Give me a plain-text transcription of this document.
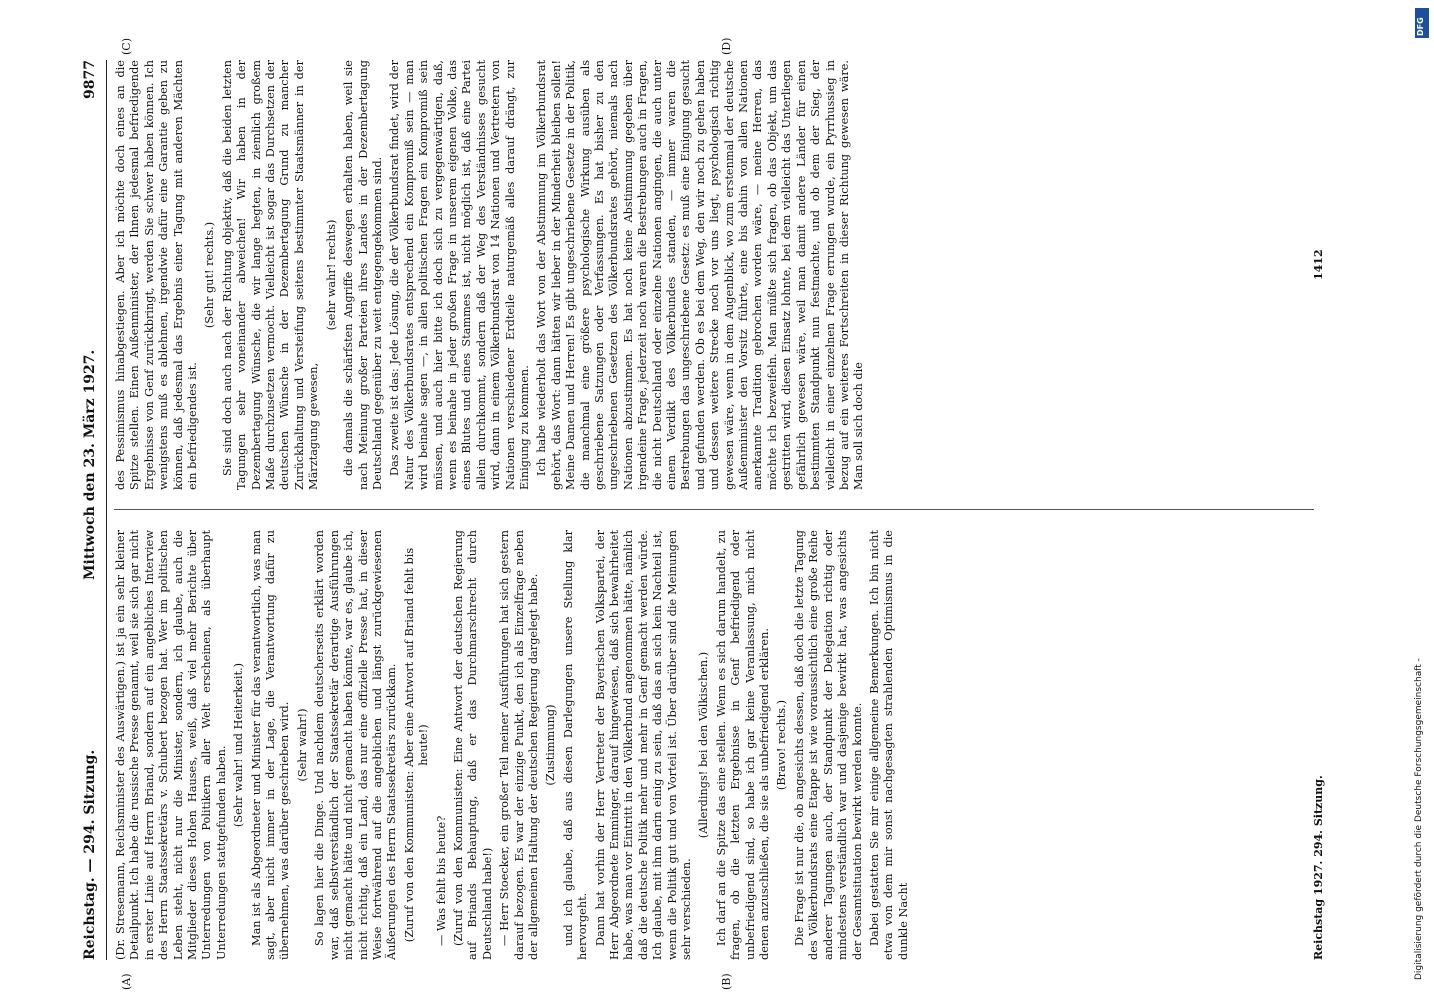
Reichstag. — 294. Sitzung.
Mittwoch den 23. März 1927.
9877

(Dr. Stresemann, Reichsminister des Auswärtigen.) ist ja ein sehr kleiner Detailpunkt. Ich habe die russische Presse genannt, weil sie sich gar nicht in erster Linie auf Herrn Briand, sondern auf ein angebliches Interview des Herrn Staatssekretärs v. Schubert bezogen hat. Wer im politischen Leben steht, nicht nur die Minister, sondern, ich glaube, auch die Mitglieder dieses Hohen Hauses, weiß, daß viel mehr Berichte über Unterredungen von Politikern aller Welt erscheinen, als überhaupt Unterredungen stattgefunden haben.

(Sehr wahr! und Heiterkeit.) Man ist als Abgeordneter und Minister für das verantwortlich, was man sagt, aber nicht immer in der Lage, die Verantwortung dafür zu übernehmen, was darüber geschrieben wird. (Sehr wahr!) So lagen hier die Dinge. Und nachdem deutscherseits erklärt worden war, daß selbstverständlich der Staatssekretär derartige Ausführungen nicht gemacht hätte und nicht gemacht haben könnte, war es, glaube ich, nicht richtig, daß ein Land, das nur eine offizielle Presse hat, in dieser Weise fortwährend auf die angeblichen und längst zurückgewiesenen Äußerungen des Herrn Staatssekretärs zurückkam. (Zuruf von den Kommunisten: Aber eine Antwort auf Briand fehlt bis heute!)

— Was fehlt bis heute? (Zuruf von den Kommunisten: Eine Antwort der deutschen Regierung auf Briands Behauptung, daß er das Durchmarschrecht durch Deutschland habe!) — Herr Stoecker, ein großer Teil meiner Ausführungen hat sich gestern darauf bezogen. Es war der einzige Punkt, den ich als Einzelfrage neben der allgemeinen Haltung der deutschen Regierung dargelegt habe. (Zustimmung) und ich glaube, daß aus diesen Darlegungen unsere Stellung klar hervorgeht. Dann hat vorhin der Herr Vertreter der Bayerischen Volkspartei, der Herr Abgeordnete Emminger, darauf hingewiesen, daß sich bewahrheitet habe, was man vor Eintritt in den Völkerbund angenommen hätte, nämlich daß die deutsche Politik mehr und mehr in Genf gemacht werden würde. Ich glaube, mit ihm darin einig zu sein, daß das an sich kein Nachteil ist, wenn die Politik gut und von Vorteil ist. Über darüber sind die Meinungen sehr verschieden.

(Allerdings! bei den Völkischen.) Ich darf an die Spitze das eine stellen. Wenn es sich darum handelt, zu fragen, ob die letzten Ergebnisse in Genf befriedigend oder unbefriedigend sind, so habe ich gar keine Veranlassung, mich nicht denen anzuschließen, die sie als unbefriedigend erklären. (Bravo! rechts.) Die Frage ist nur die, ob angesichts dessen, daß doch die letzte Tagung des Völkerbundsrats eine Etappe ist wie voraussichtlich eine große Reihe anderer Tagungen auch, der Standpunkt der Delegation richtig oder mindestens verständlich war und dasjenige bewirkt hat, was angesichts der Gesamtsituation bewirkt werden konnte. Dabei gestatten Sie mir einige allgemeine Bemerkungen. Ich bin nicht etwa von dem mir sonst nachgesagten strahlenden Optimismus in die dunkle Nacht

des Pessimismus hinabgestiegen. Aber ich möchte doch eines an die Spitze stellen. Einen Außenminister, der Ihnen jedesmal befriedigende Ergebnisse von Genf zurückbringt, werden Sie schwer haben können. Ich wenigstens muß es ablehnen, irgendwie dafür eine Garantie geben zu können, daß jedesmal das Ergebnis einer Tagung mit anderen Mächten ein befriedigendes ist.

(Sehr gut! rechts.) Sie sind doch auch nach der Richtung objektiv, daß die beiden letzten Tagungen sehr voneinander abweichen! Wir haben in der Dezembertagung Wünsche, die wir lange hegten, in ziemlich großem Maße durchzusetzen vermocht. Vielleicht ist sogar das Durchsetzen der deutschen Wünsche in der Dezembertagung Grund zu mancher Zurückhaltung und Versteifung seitens bestimmter Staatsmänner in der Märztagung gewesen,

(sehr wahr! rechts) die damals die schärfsten Angriffe deswegen erhalten haben, weil sie nach Meinung großer Parteien ihres Landes in der Dezembertagung Deutschland gegenüber zu weit entgegengekommen sind. Das zweite ist das: Jede Lösung, die der Völkerbundsrat findet, wird der Natur des Völkerbundsrates entsprechend ein Kompromiß sein — man wird beinahe sagen —, in allen politischen Fragen ein Kompromiß sein müssen, und auch hier bitte ich doch sich zu vergegenwärtigen, daß, wenn es beinahe in jeder großen Frage in unserem eigenen Volke, das eines Blutes und eines Stammes ist, nicht möglich ist, daß eine Partei allein durchkommt, sondern daß der Weg des Verständnisses gesucht wird, dann in einem Völkerbundsrat von 14 Nationen und Vertretern von Nationen verschiedener Erdteile naturgemäß alles darauf drängt, zur Einigung zu kommen. Ich habe wiederholt das Wort von der Abstimmung im Völkerbundsrat gehört, das Wort: dann hätten wir lieber in der Minderheit bleiben sollen! Meine Damen und Herren! Es gibt ungeschriebene Gesetze in der Politik, die manchmal eine größere psychologische Wirkung ausüben als geschriebene Satzungen oder Verfassungen. Es hat bisher zu den ungeschriebenen Gesetzen des Völkerbundsrates gehört, niemals nach Nationen abzustimmen. Es hat noch keine Abstimmung gegeben über irgendeine Frage, jederzeit noch waren die Bestrebungen auch in Fragen, die nicht Deutschland oder einzelne Nationen angingen, die auch unter einem Verdikt des Völkerbundes standen, — immer waren die Bestrebungen das ungeschriebene Gesetz: es muß eine Einigung gesucht und gefunden werden. Ob es bei dem Weg, den wir noch zu gehen haben und dessen weitere Strecke noch vor uns liegt, psychologisch richtig gewesen wäre, wenn in dem Augenblick, wo zum erstenmal der deutsche Außenminister den Vorsitz führte, eine bis dahin von allen Nationen anerkannte Tradition gebrochen worden wäre, — meine Herren, das möchte ich bezweifeln. Man müßte sich fragen, ob das Objekt, um das gestritten wird, diesen Einsatz lohnte, bei dem vielleicht das Unterliegen gefährlich gewesen wäre, weil man damit andere Länder für einen bestimmten Standpunkt nun festmachte, und ob dem der Sieg, der vielleicht in einer einzelnen Frage errungen wurde, ein Pyrrhussieg in bezug auf ein weiteres Fortschreiten in dieser Richtung gewesen wäre. Man soll sich doch die

(A)	(B)
(C)	(D)
Reichstag 1927. 294. Sitzung.
1412
DFG
Digitalisierung gefördert durch die Deutsche Forschungsgemeinschaft -
